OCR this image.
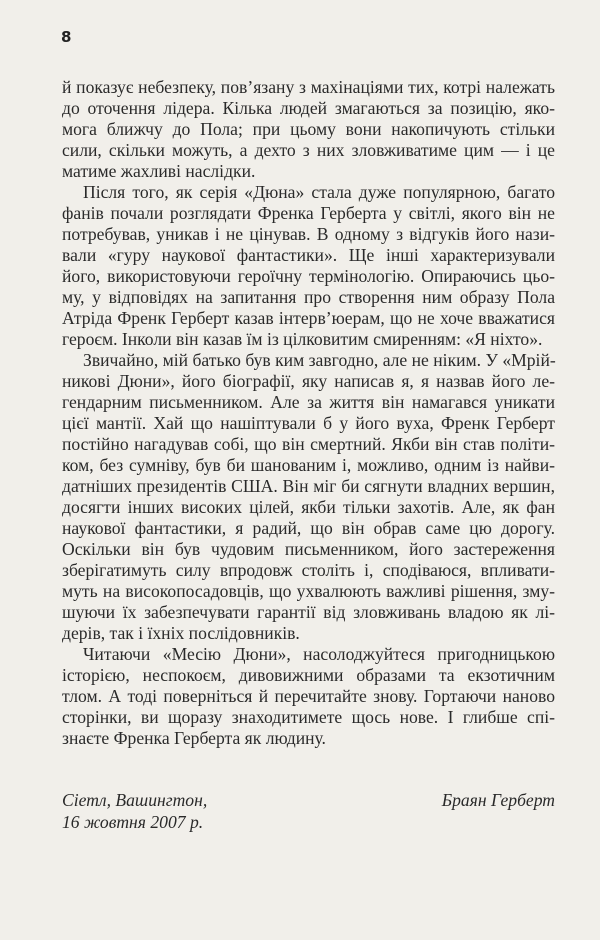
8
й показує небезпеку, пов’язану з махінаціями тих, котрі належать
до оточення лідера. Кілька людей змагаються за позицію, яко-
мога ближчу до Пола; при цьому вони накопичують стільки
сили, скільки можуть, а дехто з них зловживатиме цим — і це
матиме жахливі наслідки.
Після того, як серія «Дюна» стала дуже популярною, багато
фанів почали розглядати Френка Герберта у світлі, якого він не
потребував, уникав і не цінував. В одному з відгуків його нази-
вали «гуру наукової фантастики». Ще інші характеризували
його, використовуючи героїчну термінологію. Опираючись цьо-
му, у відповідях на запитання про створення ним образу Пола
Атріда Френк Герберт казав інтерв’юерам, що не хоче вважатися
героєм. Інколи він казав їм із цілковитим смиренням: «Я ніхто».
Звичайно, мій батько був ким завгодно, але не ніким. У «Мрій-
никові Дюни», його біографії, яку написав я, я назвав його ле-
гендарним письменником. Але за життя він намагався уникати
цієї мантії. Хай що нашіптували б у його вуха, Френк Герберт
постійно нагадував собі, що він смертний. Якби він став політи-
ком, без сумніву, був би шанованим і, можливо, одним із найви-
датніших президентів США. Він міг би сягнути владних вершин,
досягти інших високих цілей, якби тільки захотів. Але, як фан
наукової фантастики, я радий, що він обрав саме цю дорогу.
Оскільки він був чудовим письменником, його застереження
зберігатимуть силу впродовж століть і, сподіваюся, впливати-
муть на високопосадовців, що ухвалюють важливі рішення, зму-
шуючи їх забезпечувати гарантії від зловживань владою як лі-
дерів, так і їхніх послідовників.
Читаючи «Месію Дюни», насолоджуйтеся пригодницькою
історією, неспокоєм, дивовижними образами та екзотичним
тлом. А тоді поверніться й перечитайте знову. Гортаючи наново
сторінки, ви щоразу знаходитимете щось нове. І глибше спі-
знаєте Френка Герберта як людину.
Сіетл, Вашингтон,
16 жовтня 2007 р.
Браян Герберт
